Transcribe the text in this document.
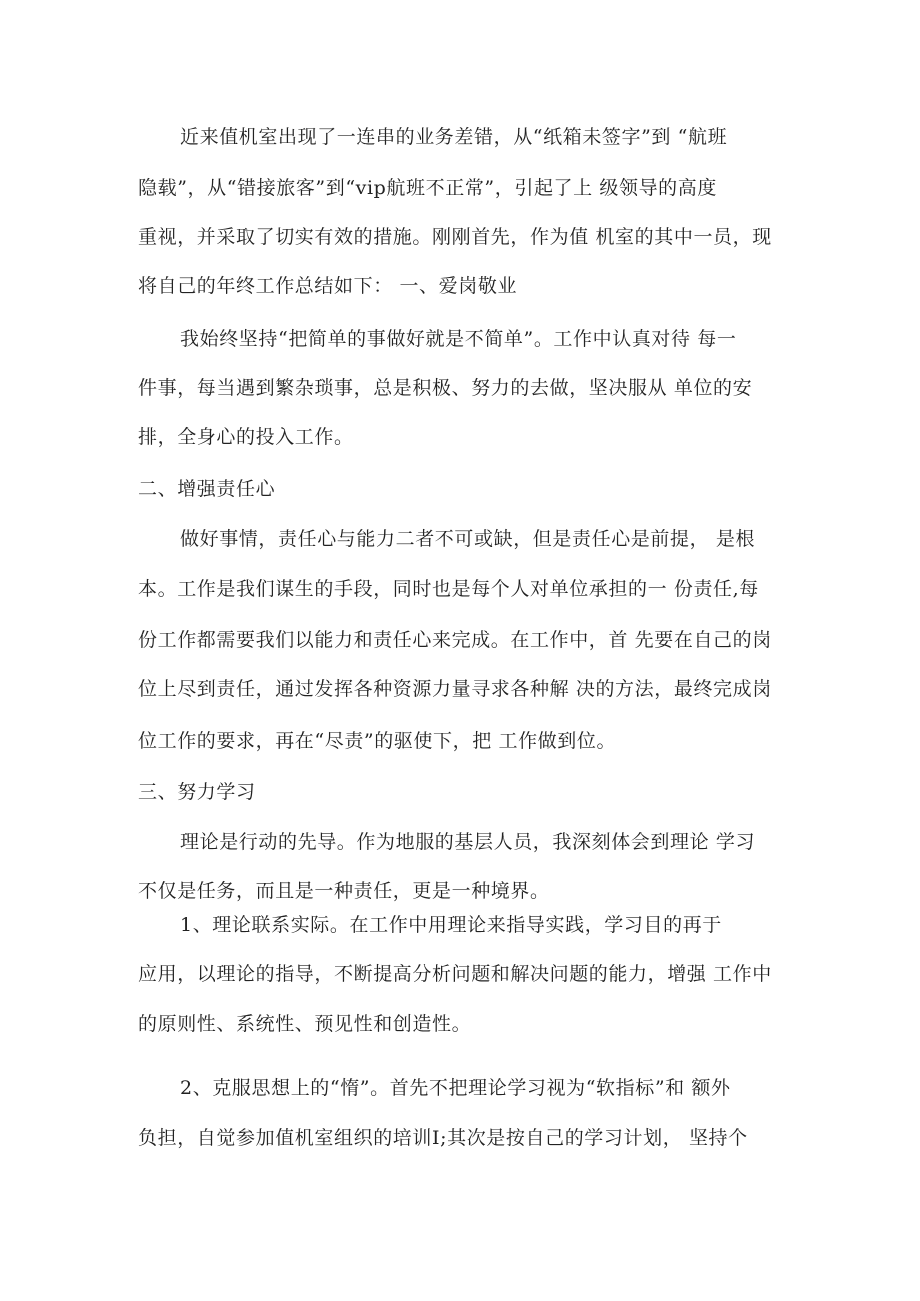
近来值机室出现了一连串的业务差错，从“纸箱未签字”到 “航班
隐载”，从“错接旅客”到“vip航班不正常”，引起了上 级领导的高度
重视，并采取了切实有效的措施。刚刚首先，作为值 机室的其中一员，现
将自己的年终工作总结如下： 一、爱岗敬业
我始终坚持“把简单的事做好就是不简单”。工作中认真对待 每一
件事，每当遇到繁杂琐事，总是积极、努力的去做，坚决服从 单位的安
排，全身心的投入工作。
二、增强责任心
做好事情，责任心与能力二者不可或缺，但是责任心是前提， 是根
本。工作是我们谋生的手段，同时也是每个人对单位承担的一 份责任,每
份工作都需要我们以能力和责任心来完成。在工作中，首 先要在自己的岗
位上尽到责任，通过发挥各种资源力量寻求各种解 决的方法，最终完成岗
位工作的要求，再在“尽责”的驱使下，把 工作做到位。
三、努力学习
理论是行动的先导。作为地服的基层人员，我深刻体会到理论 学习
不仅是任务，而且是一种责任，更是一种境界。
1、理论联系实际。在工作中用理论来指导实践，学习目的再于
应用，以理论的指导，不断提高分析问题和解决问题的能力，增强 工作中
的原则性、系统性、预见性和创造性。
2、克服思想上的“惰”。首先不把理论学习视为“软指标”和 额外
负担，自觉参加值机室组织的培训I;其次是按自己的学习计划， 坚持个
